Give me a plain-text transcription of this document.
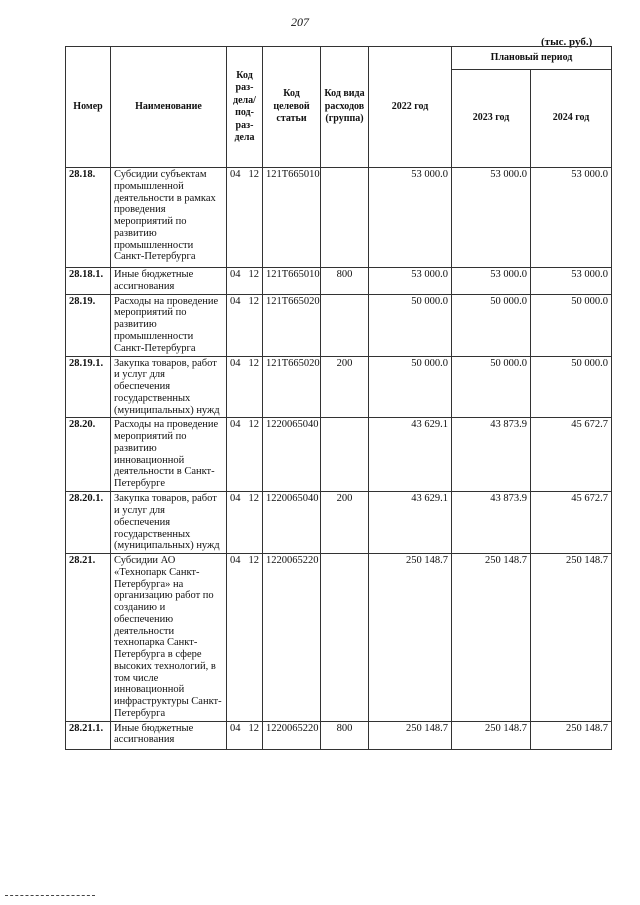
207
(тыс. руб.)
Номер	Наименование	Код раз-дела/ под-раз-дела	Код целевой статьи	Код вида расходов (группа)	2022 год	Плановый период	
						2023 год	2024 год
28.18.	Субсидии субъектам промышленной деятельности в рамках проведения мероприятий по развитию промышленности Санкт-Петербурга	04 12	121Т665010		53 000.0	53 000.0	53 000.0
28.18.1.	Иные бюджетные ассигнования	04 12	121Т665010	800	53 000.0	53 000.0	53 000.0
28.19.	Расходы на проведение мероприятий по развитию промышленности Санкт-Петербурга	04 12	121Т665020		50 000.0	50 000.0	50 000.0
28.19.1.	Закупка товаров, работ и услуг для обеспечения государственных (муниципальных) нужд	04 12	121Т665020	200	50 000.0	50 000.0	50 000.0
28.20.	Расходы на проведение мероприятий по развитию инновационной деятельности в Санкт-Петербурге	04 12	1220065040		43 629.1	43 873.9	45 672.7
28.20.1.	Закупка товаров, работ и услуг для обеспечения государственных (муниципальных) нужд	04 12	1220065040	200	43 629.1	43 873.9	45 672.7
28.21.	Субсидии АО «Технопарк Санкт-Петербурга» на организацию работ по созданию и обеспечению деятельности технопарка Санкт-Петербурга в сфере высоких технологий, в том числе инновационной инфраструктуры Санкт-Петербурга	04 12	1220065220		250 148.7	250 148.7	250 148.7
28.21.1.	Иные бюджетные ассигнования	04 12	1220065220	800	250 148.7	250 148.7	250 148.7
